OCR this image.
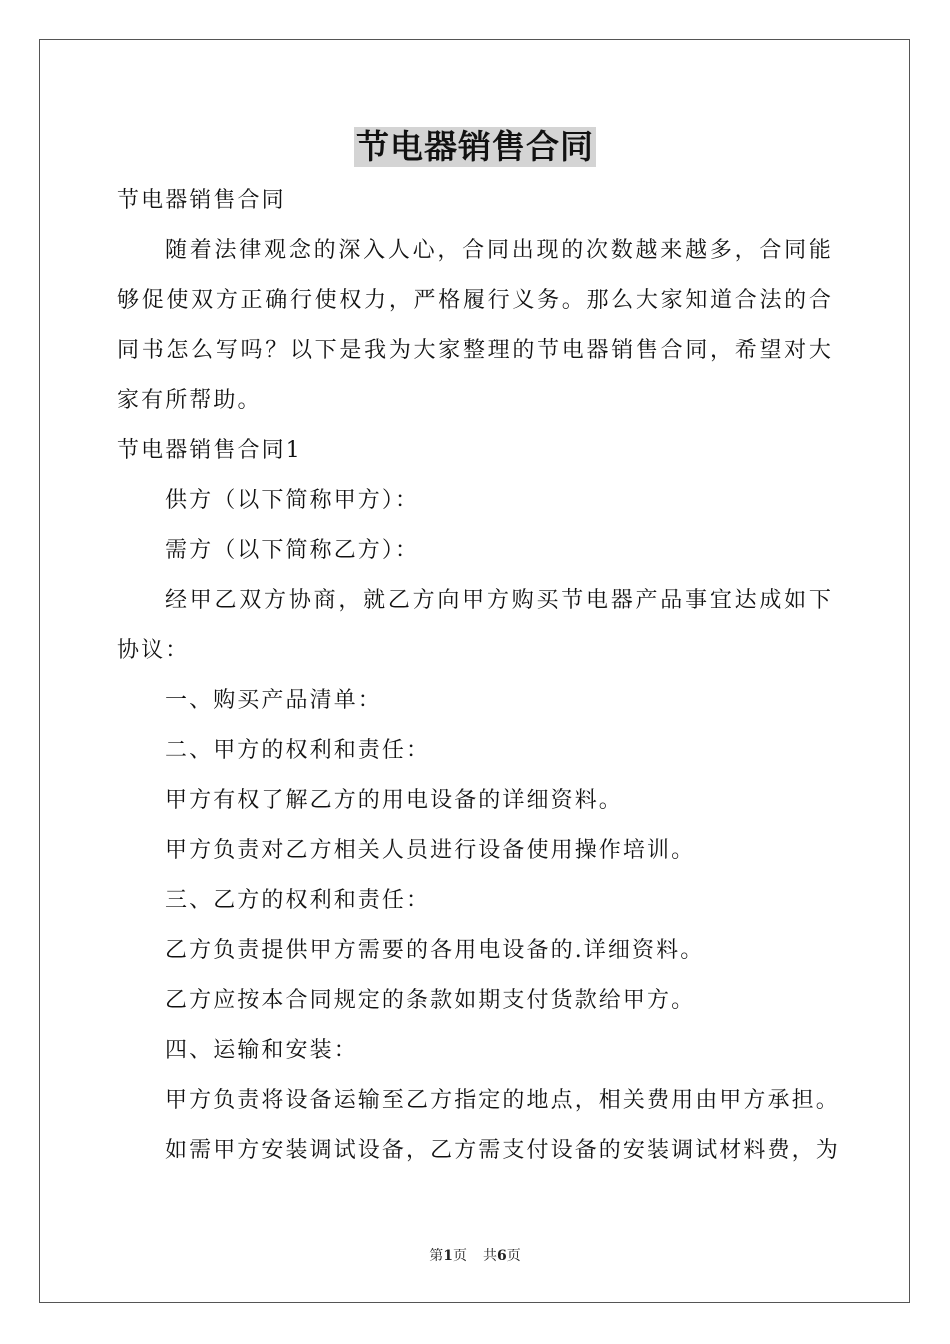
节电器销售合同
节电器销售合同
随着法律观念的深入人心，合同出现的次数越来越多，合同能够促使双方正确行使权力，严格履行义务。那么大家知道合法的合同书怎么写吗？以下是我为大家整理的节电器销售合同，希望对大家有所帮助。
节电器销售合同1
供方（以下简称甲方）：
需方（以下简称乙方）：
经甲乙双方协商，就乙方向甲方购买节电器产品事宜达成如下协议：
一、购买产品清单：
二、甲方的权利和责任：
甲方有权了解乙方的用电设备的详细资料。
甲方负责对乙方相关人员进行设备使用操作培训。
三、乙方的权利和责任：
乙方负责提供甲方需要的各用电设备的.详细资料。
乙方应按本合同规定的条款如期支付货款给甲方。
四、运输和安装：
甲方负责将设备运输至乙方指定的地点，相关费用由甲方承担。
如需甲方安装调试设备，乙方需支付设备的安装调试材料费，为
第1页 共6页
